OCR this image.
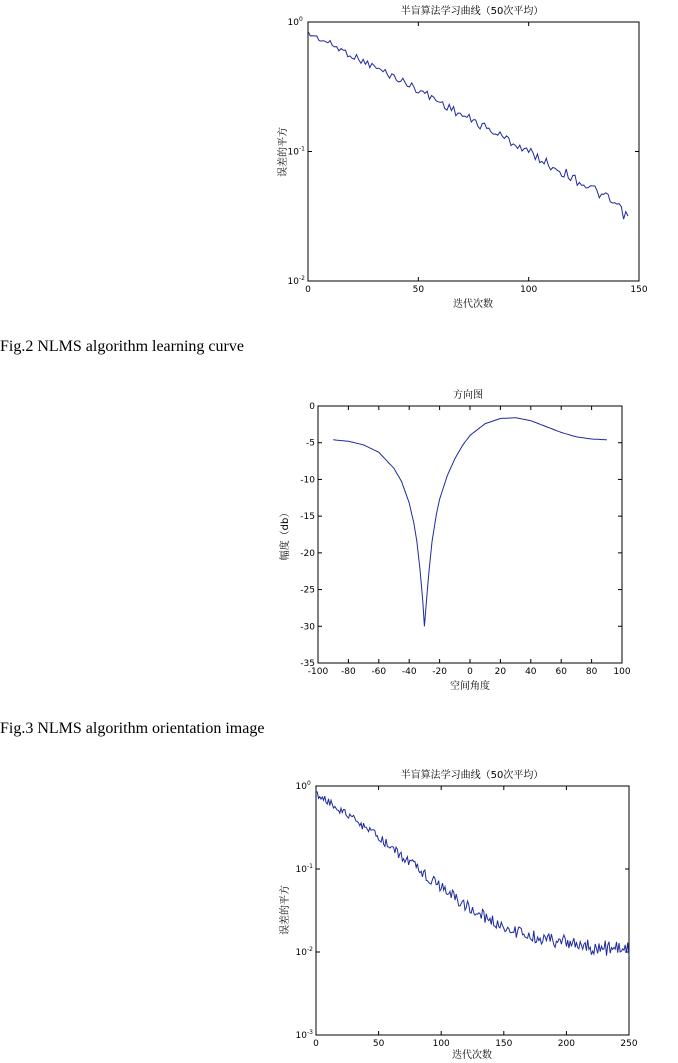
半盲算法学习曲线（50次平均）
0	50	100	150
10 0
10 -1
10 -2
迭代次数
误差的平方
Fig.2 NLMS algorithm learning curve
方向图
-100 -80 -60 -40 -20 0 20 40 60 80 100
0
-5
-10
-15
-20
-25
-30
-35
空间角度
幅度（db）
Fig.3 NLMS algorithm orientation image
半盲算法学习曲线（50次平均）
0	50	100	150	200	250
10 0
10 -1
10 -2
10 -3
迭代次数
误差的平方
